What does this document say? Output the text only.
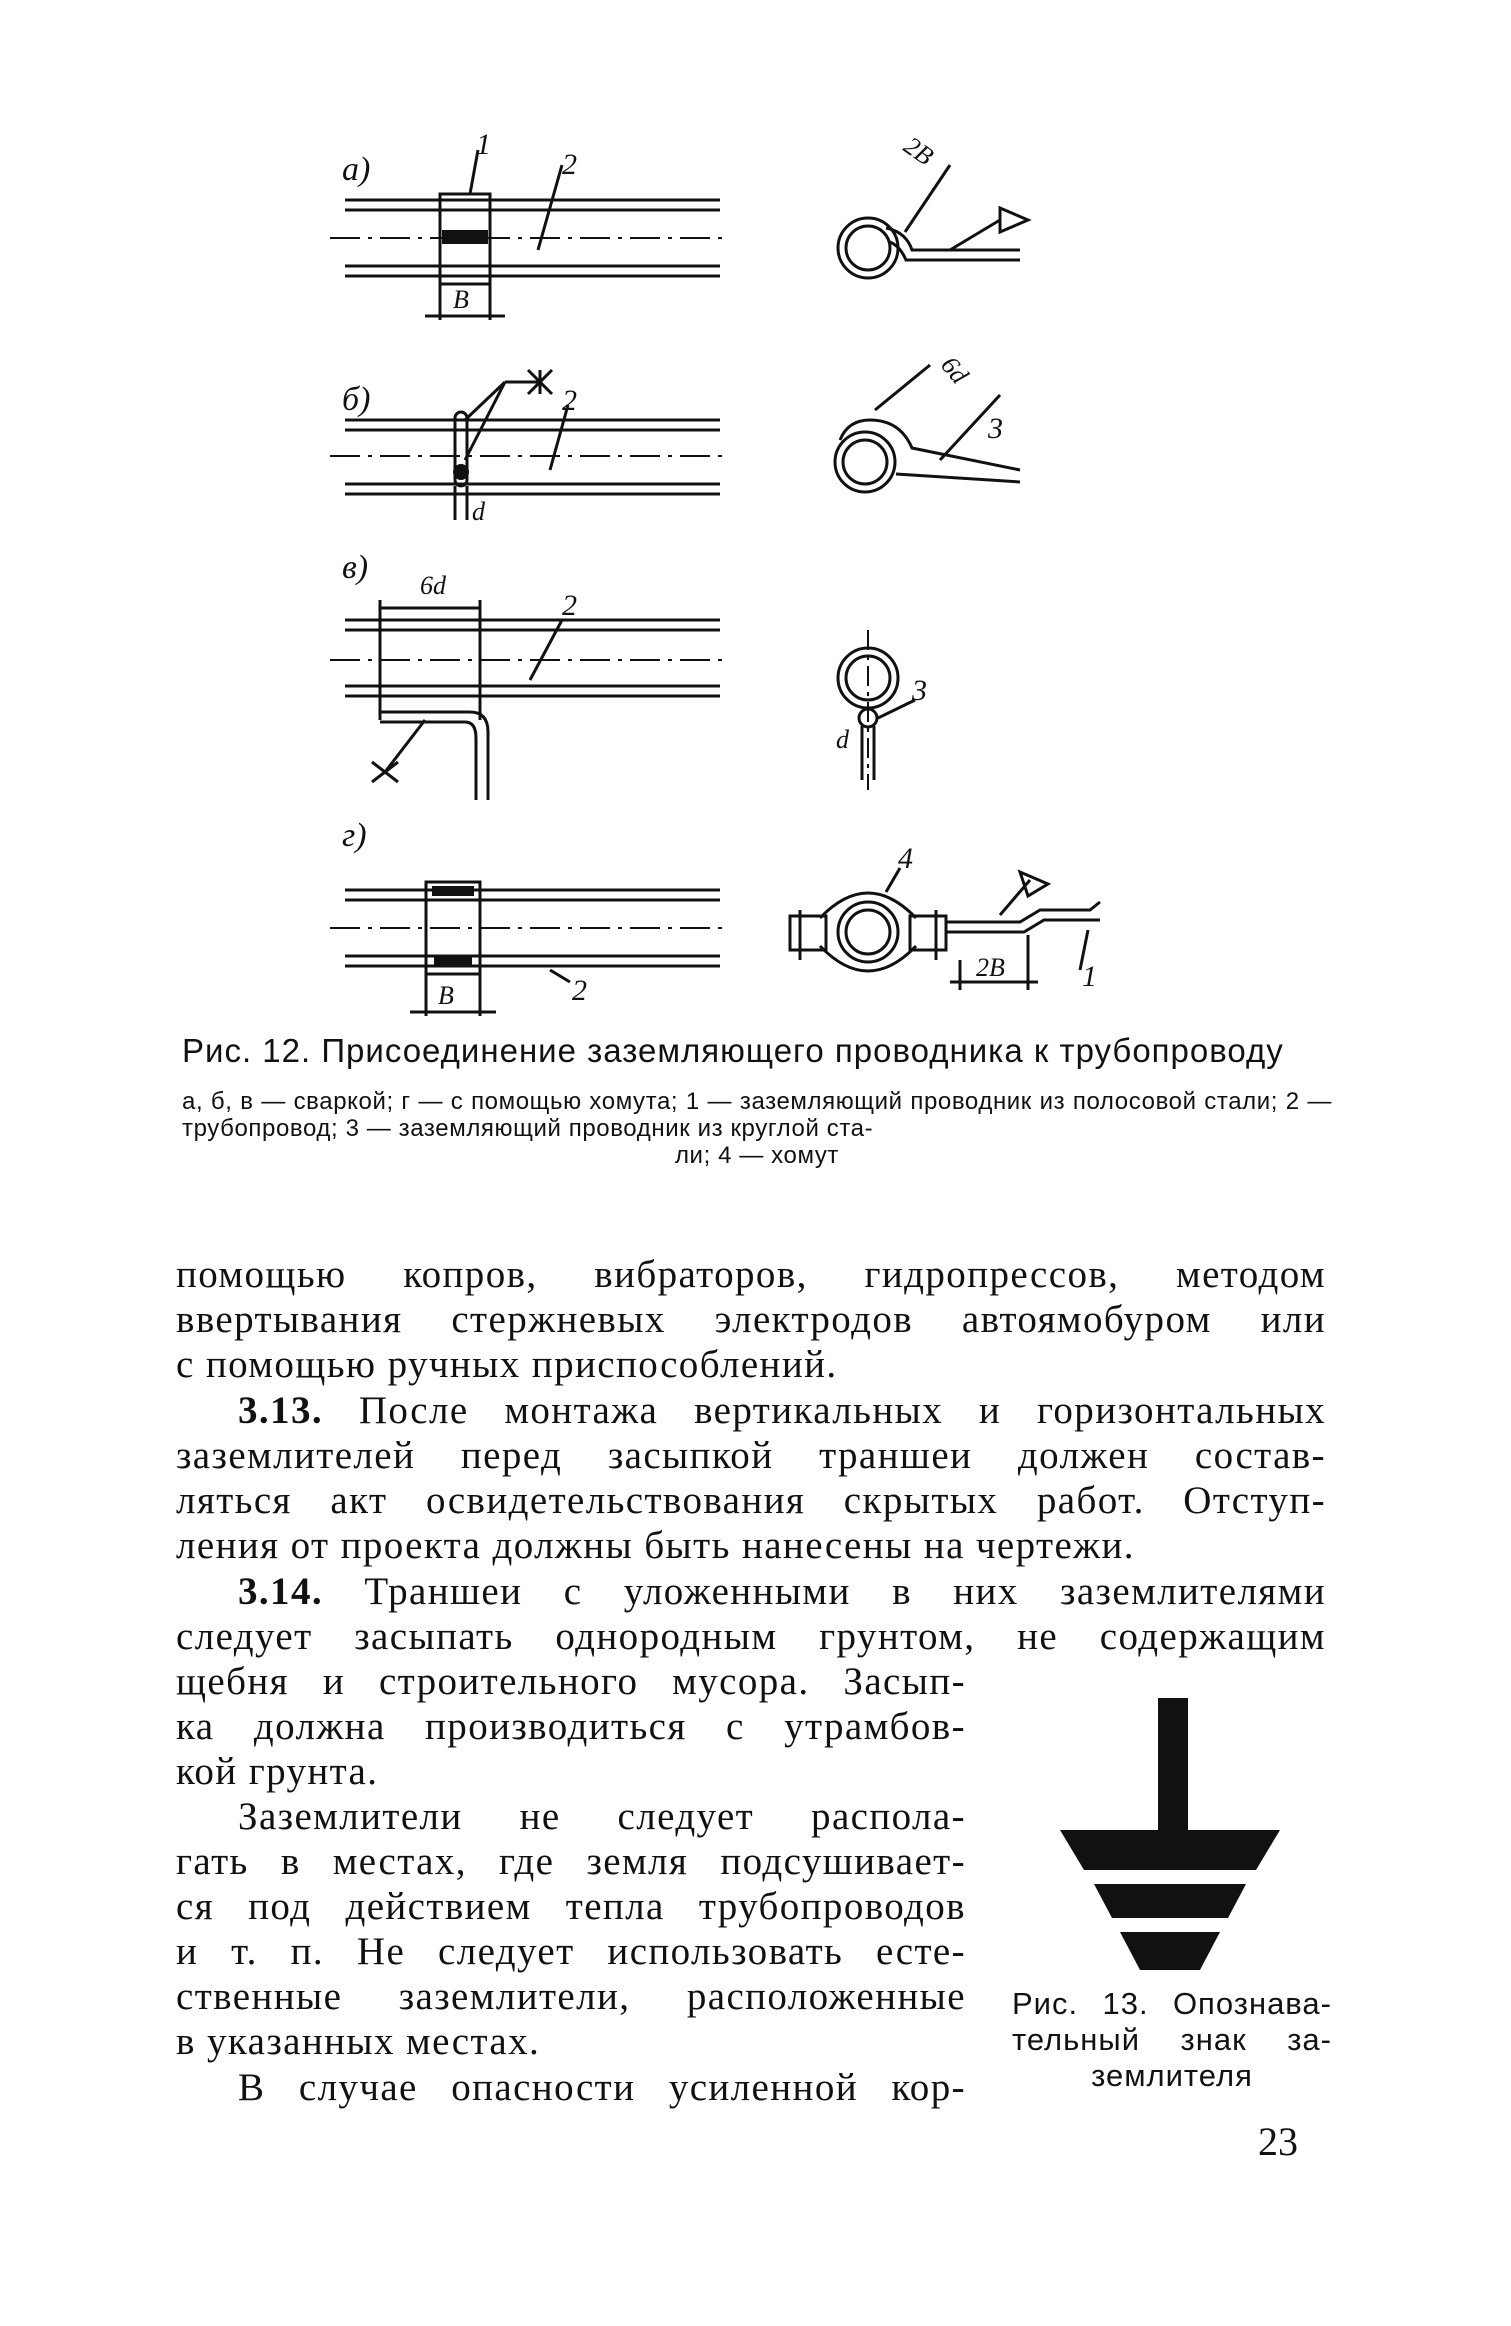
а)
1
2
В
2В
б)	2
d
6d
3
в) 6d
2
3
d
г)
В	2
4
2В	1
Рис. 12. Присоединение заземляющего проводника к трубопроводу
а, б, в — сваркой; г — с помощью хомута; 1 — заземляющий проводник из полосовой стали; 2 — трубопровод; 3 — заземляющий проводник из круглой ста-
ли; 4 — хомут
помощью копров, вибраторов, гидропрессов, методом
ввертывания стержневых электродов автоямобуром или
с помощью ручных приспособлений.
3.13. После монтажа вертикальных и горизонтальных
заземлителей перед засыпкой траншеи должен состав-
ляться акт освидетельствования скрытых работ. Отступ-
ления от проекта должны быть нанесены на чертежи.
3.14. Траншеи с уложенными в них заземлителями
следует засыпать однородным грунтом, не содержащим
щебня и строительного мусора. Засып-
ка должна производиться с утрамбов-
кой грунта.
Заземлители не следует распола-
гать в местах, где земля подсушивает-
ся под действием тепла трубопроводов
и т. п. Не следует использовать есте-
ственные заземлители, расположенные
в указанных местах.
В случае опасности усиленной кор-
Рис. 13. Опознава-
тельный знак за-
землителя
23
